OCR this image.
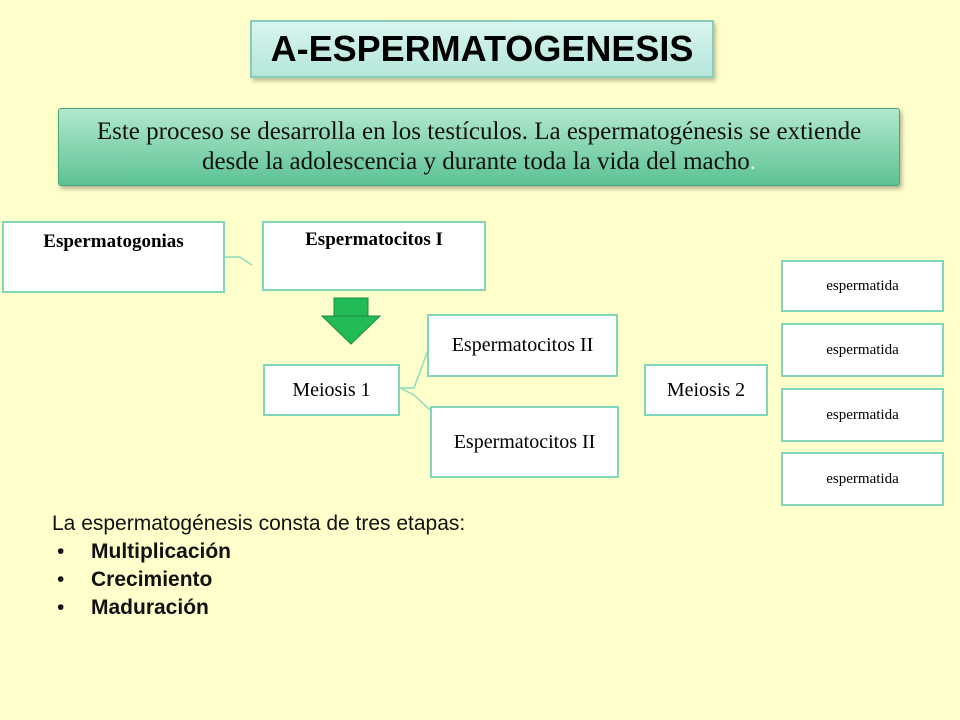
A-ESPERMATOGENESIS
Este proceso se desarrolla en los testículos. La espermatogénesis se extiende desde la adolescencia y durante toda la vida del macho.
Espermatogonias	Espermatocitos I
Meiosis 1
Espermatocitos II
Espermatocitos II
Meiosis 2
espermatida
espermatida
espermatida
espermatida
La espermatogénesis consta de tres etapas:
•	Multiplicación
•	Crecimiento
•	Maduración
